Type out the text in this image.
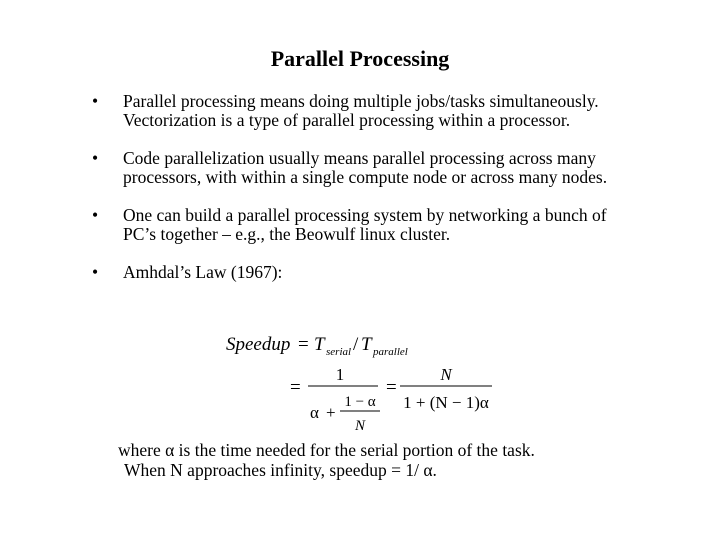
Parallel Processing
• Parallel processing means doing multiple jobs/tasks simultaneously. Vectorization is a type of parallel processing within a processor.
• Code parallelization usually means parallel processing across many processors, with within a single compute node or across many nodes.
• One can build a parallel processing system by networking a bunch of PC’s together – e.g., the Beowulf linux cluster.
• Amhdal’s Law (1967):
Speedup = T serial / T parallel
=
1
α +
1 − α
N
=
N
1 + (N − 1)α
where α is the time needed for the serial portion of the task.
When N approaches infinity, speedup = 1/ α.
